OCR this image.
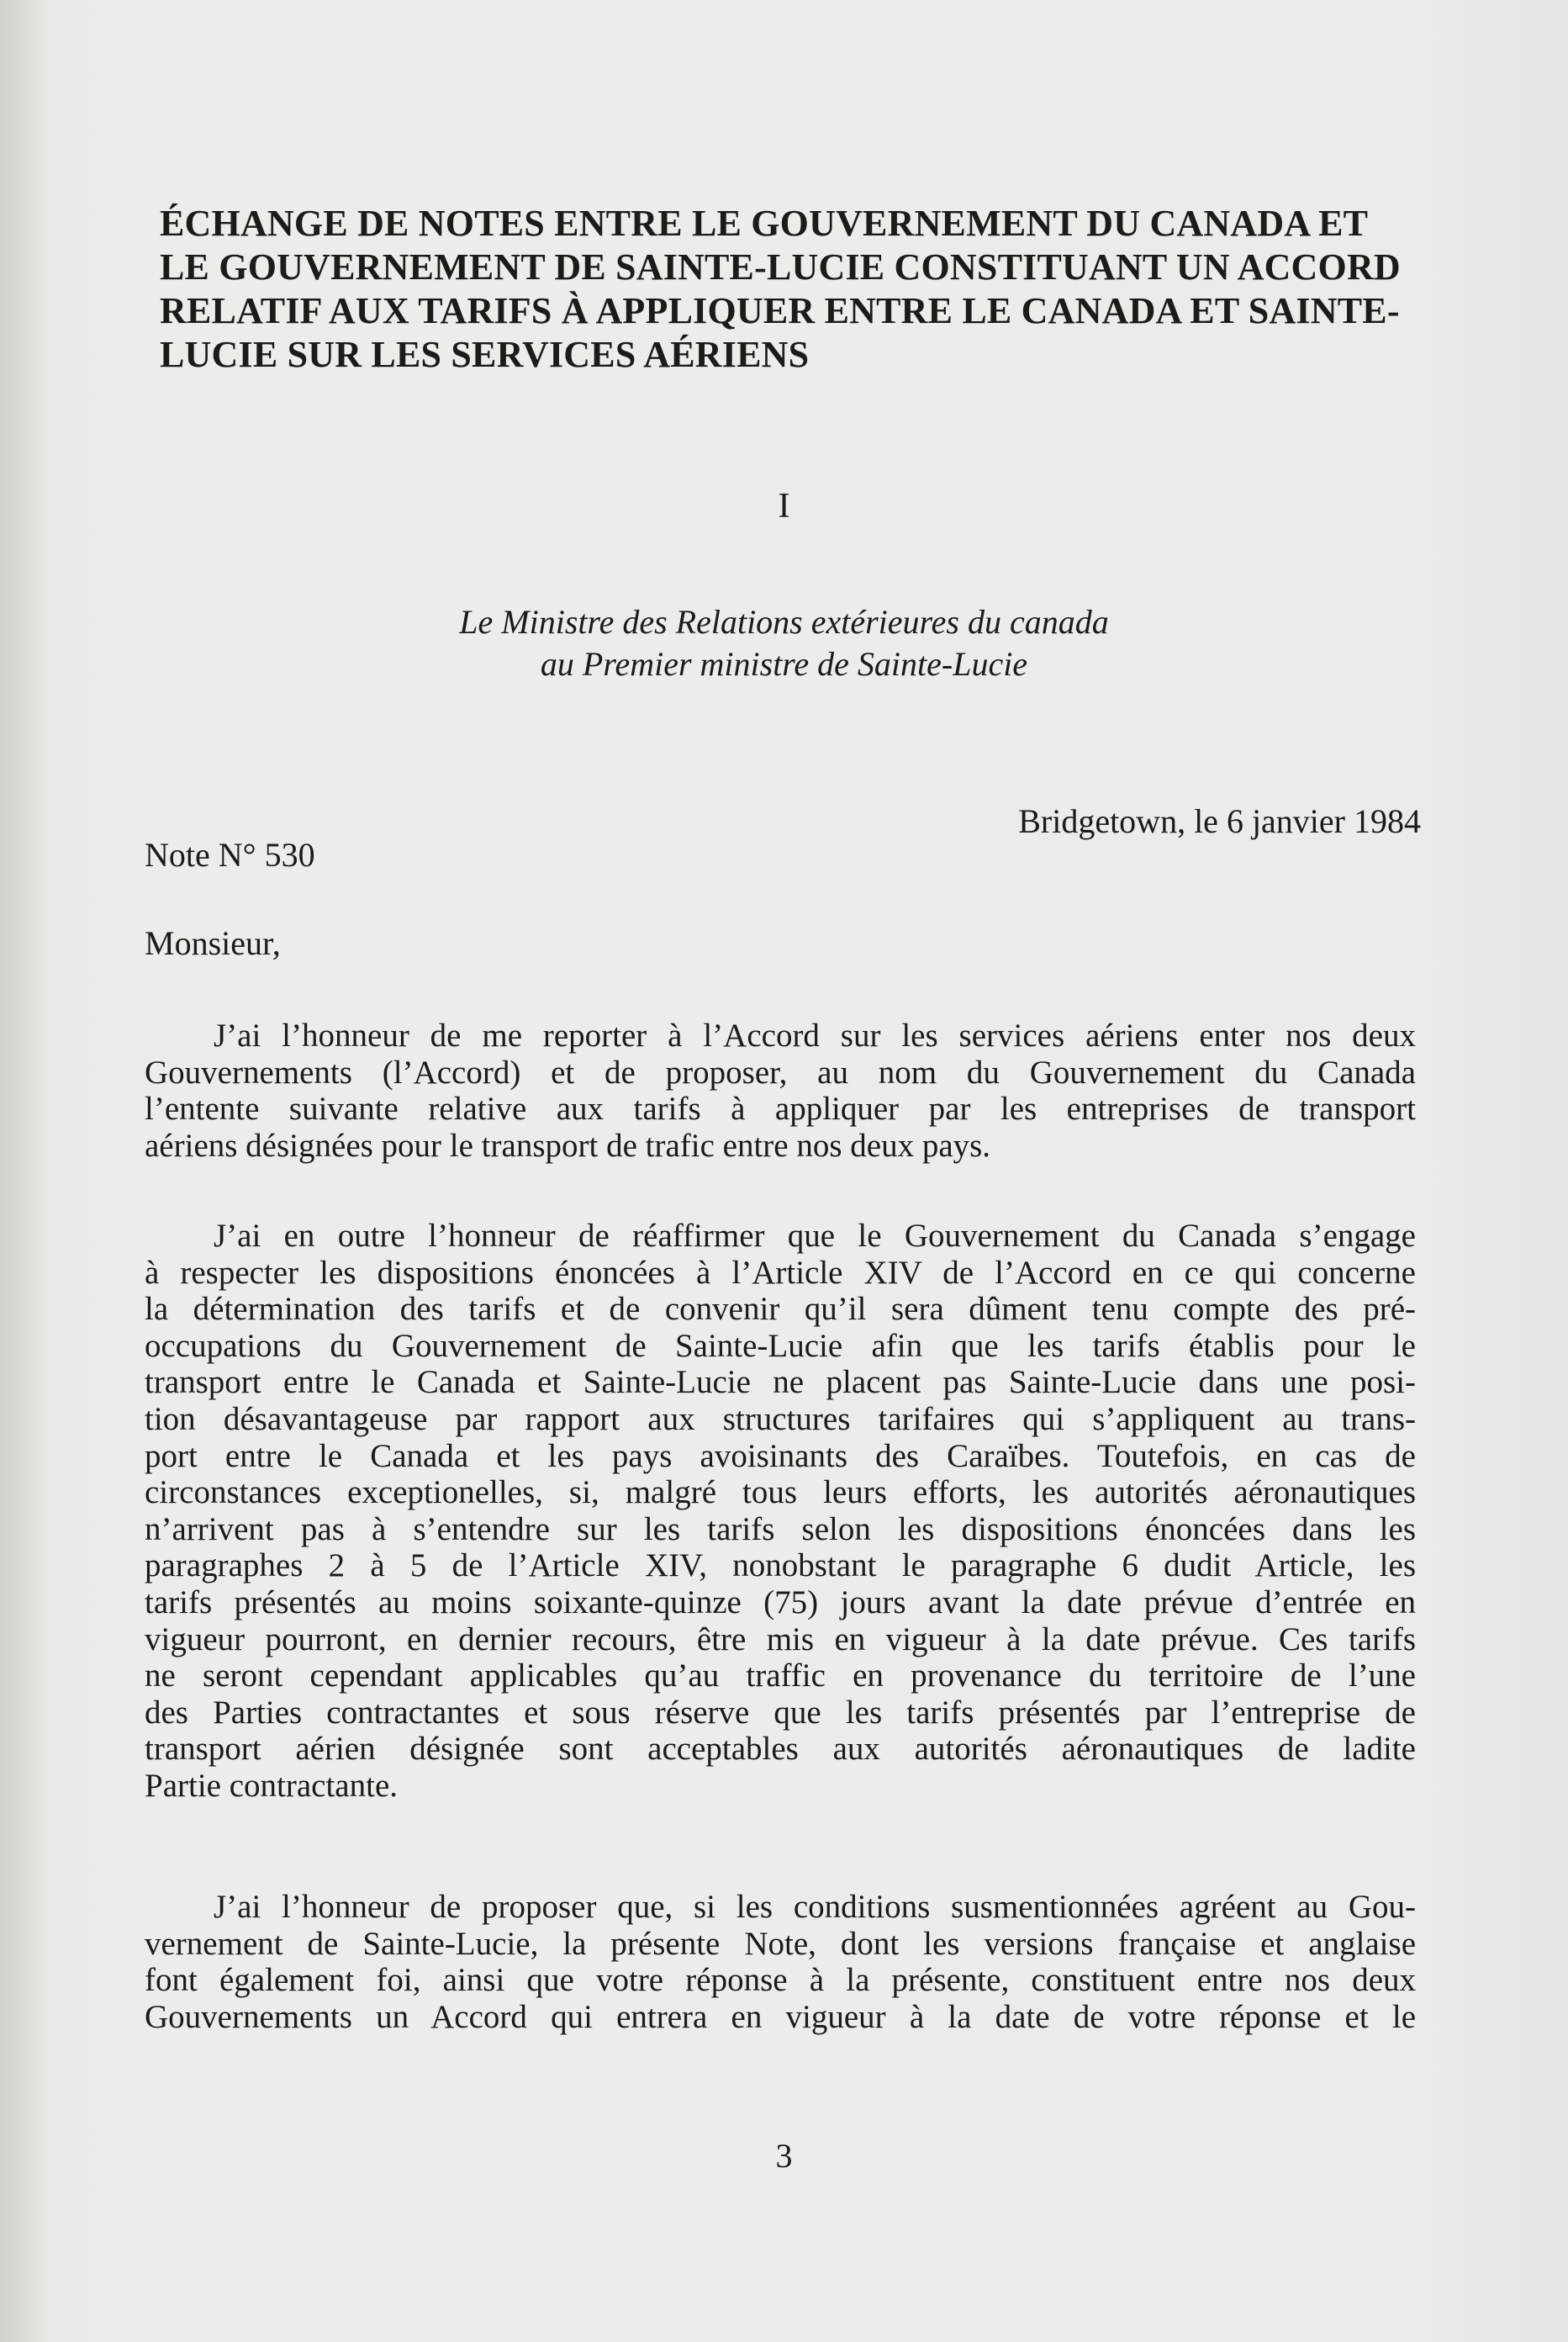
ÉCHANGE DE NOTES ENTRE LE GOUVERNEMENT DU CANADA ET
LE GOUVERNEMENT DE SAINTE-LUCIE CONSTITUANT UN ACCORD
RELATIF AUX TARIFS À APPLIQUER ENTRE LE CANADA ET SAINTE-
LUCIE SUR LES SERVICES AÉRIENS
I
Le Ministre des Relations extérieures du canada
au Premier ministre de Sainte-Lucie
Bridgetown, le 6 janvier 1984
Note N° 530
Monsieur,
J’ai l’honneur de me reporter à l’Accord sur les services aériens enter nos deux
Gouvernements (l’Accord) et de proposer, au nom du Gouvernement du Canada
l’entente suivante relative aux tarifs à appliquer par les entreprises de transport
aériens désignées pour le transport de trafic entre nos deux pays.
J’ai en outre l’honneur de réaffirmer que le Gouvernement du Canada s’engage
à respecter les dispositions énoncées à l’Article XIV de l’Accord en ce qui concerne
la détermination des tarifs et de convenir qu’il sera dûment tenu compte des pré-
occupations du Gouvernement de Sainte-Lucie afin que les tarifs établis pour le
transport entre le Canada et Sainte-Lucie ne placent pas Sainte-Lucie dans une posi-
tion désavantageuse par rapport aux structures tarifaires qui s’appliquent au trans-
port entre le Canada et les pays avoisinants des Caraïbes. Toutefois, en cas de
circonstances exceptionelles, si, malgré tous leurs efforts, les autorités aéronautiques
n’arrivent pas à s’entendre sur les tarifs selon les dispositions énoncées dans les
paragraphes 2 à 5 de l’Article XIV, nonobstant le paragraphe 6 dudit Article, les
tarifs présentés au moins soixante-quinze (75) jours avant la date prévue d’entrée en
vigueur pourront, en dernier recours, être mis en vigueur à la date prévue. Ces tarifs
ne seront cependant applicables qu’au traffic en provenance du territoire de l’une
des Parties contractantes et sous réserve que les tarifs présentés par l’entreprise de
transport aérien désignée sont acceptables aux autorités aéronautiques de ladite
Partie contractante.
J’ai l’honneur de proposer que, si les conditions susmentionnées agréent au Gou-
vernement de Sainte-Lucie, la présente Note, dont les versions française et anglaise
font également foi, ainsi que votre réponse à la présente, constituent entre nos deux
Gouvernements un Accord qui entrera en vigueur à la date de votre réponse et le
3
